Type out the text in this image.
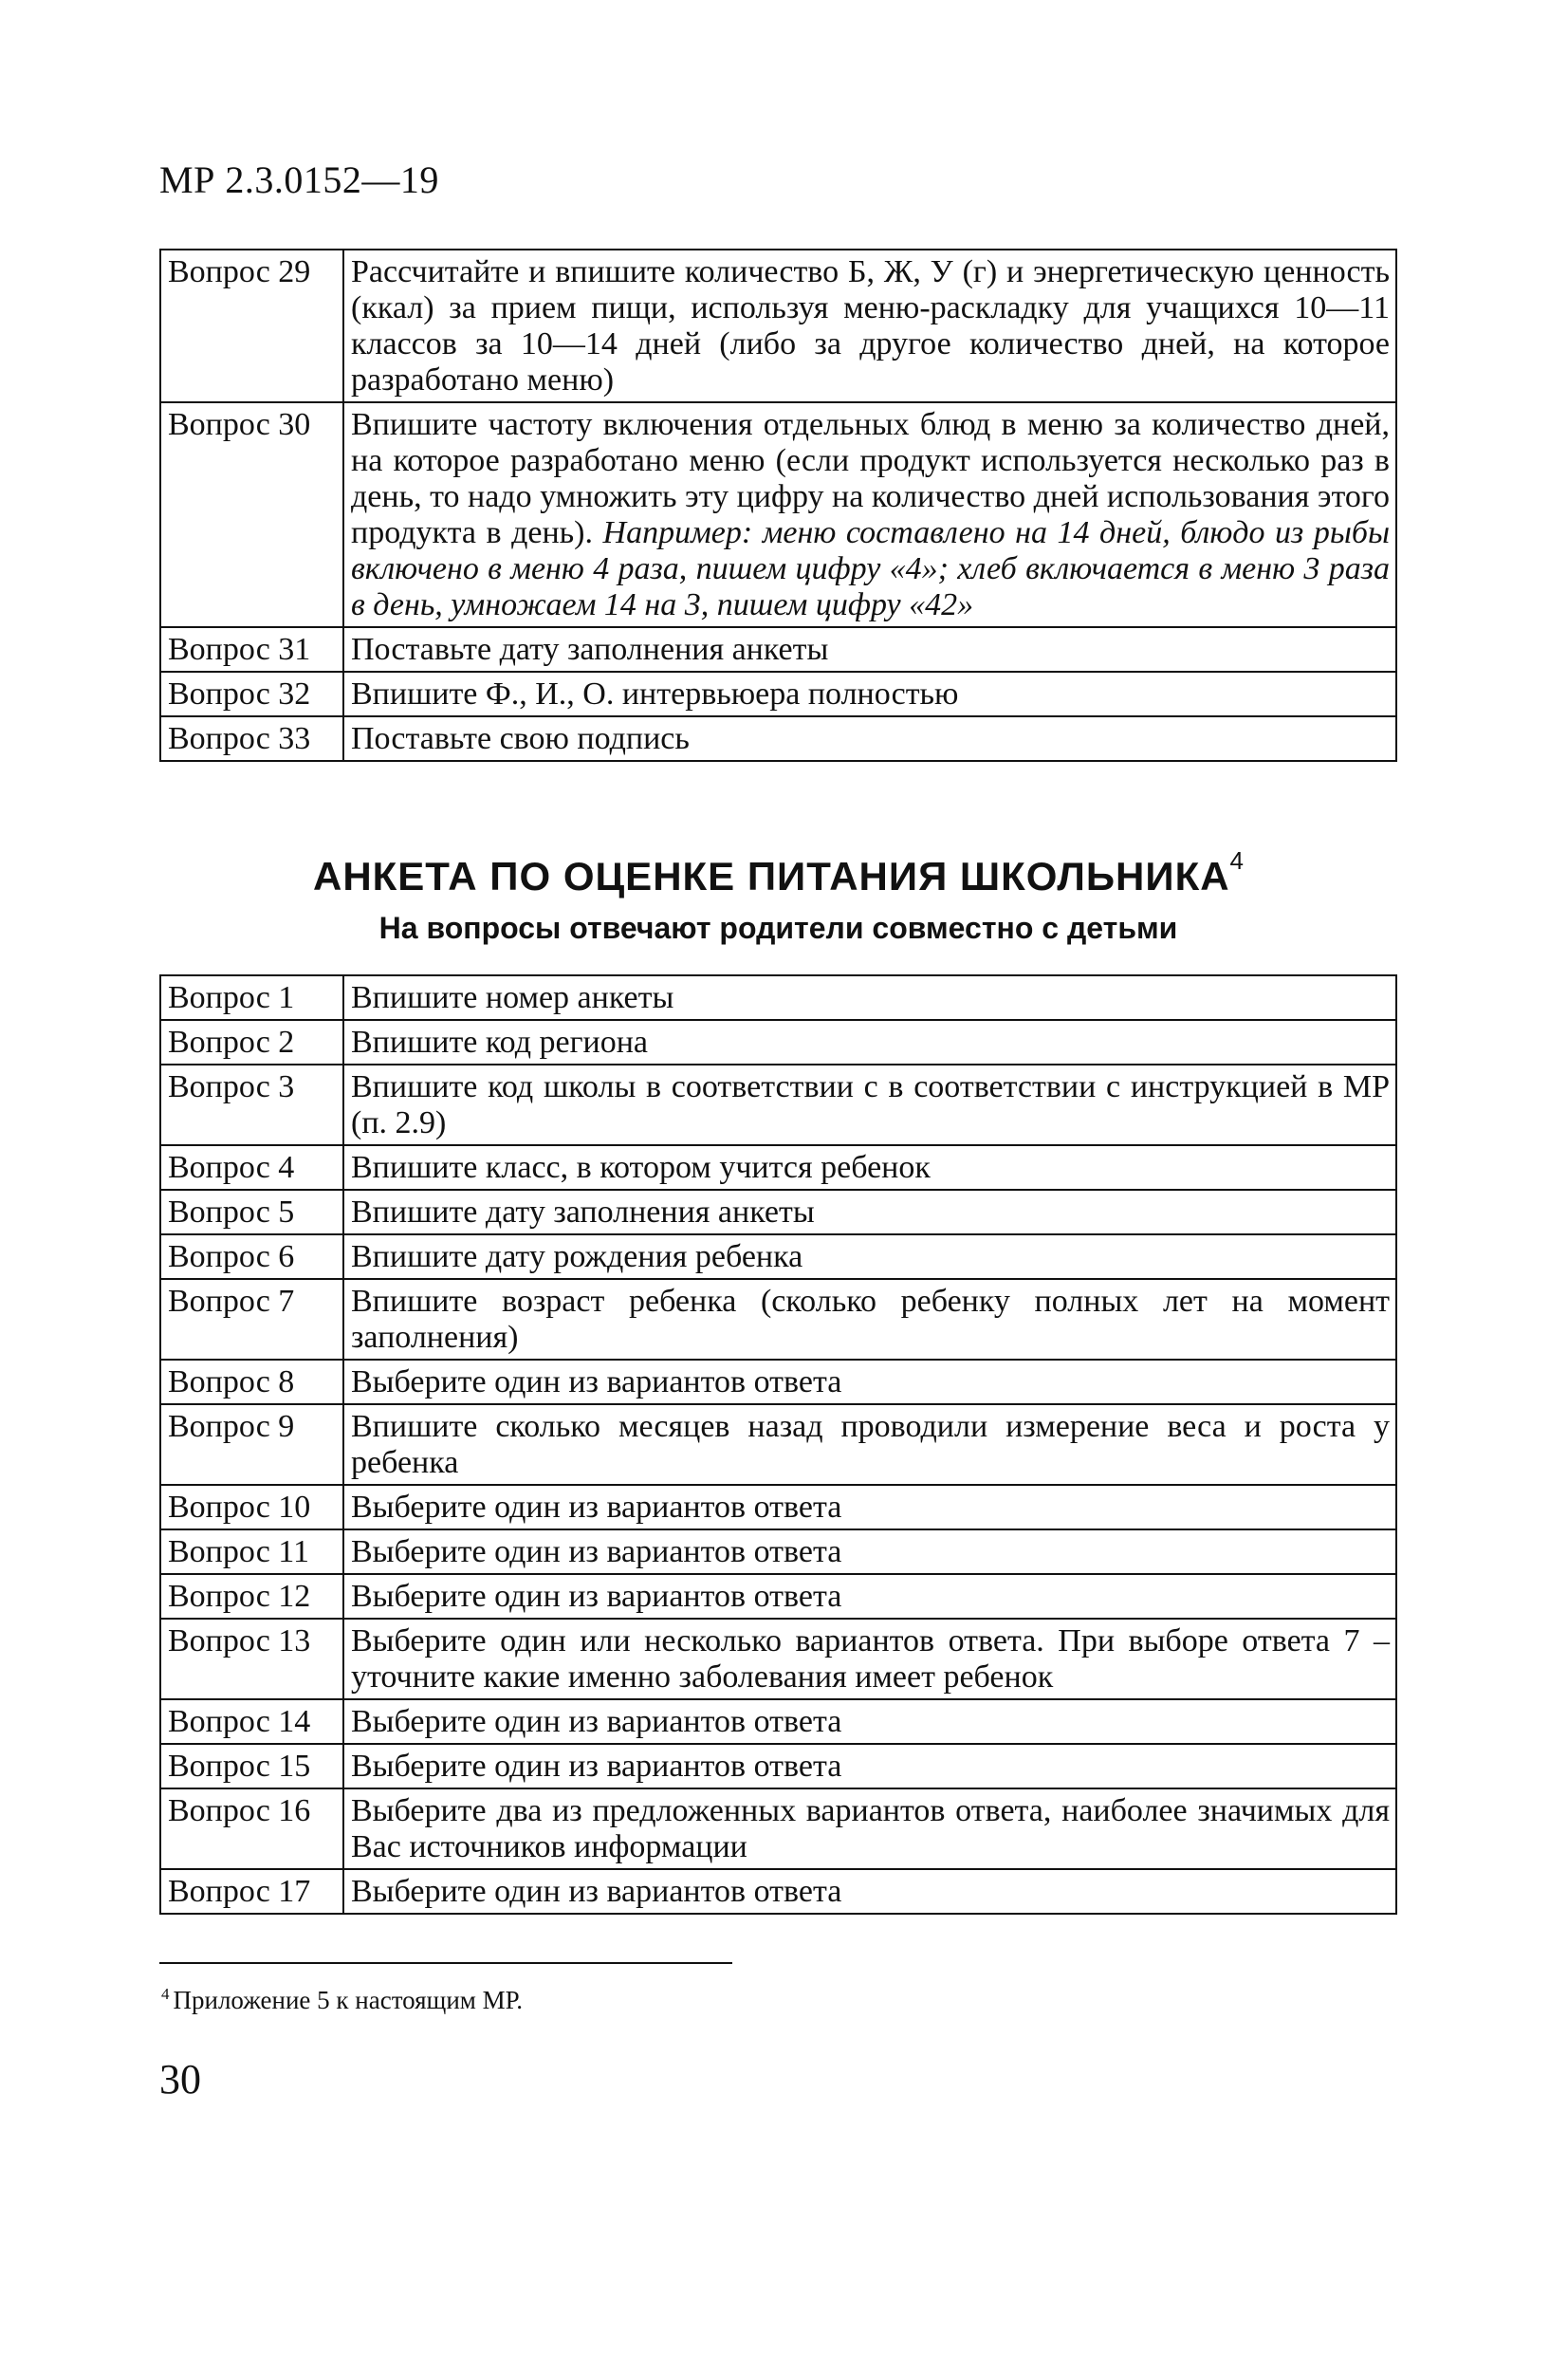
МР 2.3.0152—19
Вопрос 29	Рассчитайте и впишите количество Б, Ж, У (г) и энергетическую ценность (ккал) за прием пищи, используя меню-раскладку для учащихся 10—11 классов за 10—14 дней (либо за другое количество дней, на которое разработано меню)
Вопрос 30	Впишите частоту включения отдельных блюд в меню за количество дней, на которое разработано меню (если продукт используется несколько раз в день, то надо умножить эту цифру на количество дней использования этого продукта в день). Например: меню составлено на 14 дней, блюдо из рыбы включено в меню 4 раза, пишем цифру «4»; хлеб включается в меню 3 раза в день, умножаем 14 на 3, пишем цифру «42»
Вопрос 31	Поставьте дату заполнения анкеты
Вопрос 32	Впишите Ф., И., О. интервьюера полностью
Вопрос 33	Поставьте свою подпись
АНКЕТА ПО ОЦЕНКЕ ПИТАНИЯ ШКОЛЬНИКА$^4$
На вопросы отвечают родители совместно с детьми
Вопрос 1	Впишите номер анкеты
Вопрос 2	Впишите код региона
Вопрос 3	Впишите код школы в соответствии с в соответствии с инструкцией в МР (п. 2.9)
Вопрос 4	Впишите класс, в котором учится ребенок
Вопрос 5	Впишите дату заполнения анкеты
Вопрос 6	Впишите дату рождения ребенка
Вопрос 7	Впишите возраст ребенка (сколько ребенку полных лет на момент заполнения)
Вопрос 8	Выберите один из вариантов ответа
Вопрос 9	Впишите сколько месяцев назад проводили измерение веса и роста у ребенка
Вопрос 10	Выберите один из вариантов ответа
Вопрос 11	Выберите один из вариантов ответа
Вопрос 12	Выберите один из вариантов ответа
Вопрос 13	Выберите один или несколько вариантов ответа. При выборе ответа 7 – уточните какие именно заболевания имеет ребенок
Вопрос 14	Выберите один из вариантов ответа
Вопрос 15	Выберите один из вариантов ответа
Вопрос 16	Выберите два из предложенных вариантов ответа, наиболее значимых для Вас источников информации
Вопрос 17	Выберите один из вариантов ответа
$^4$ Приложение 5 к настоящим МР.
30
